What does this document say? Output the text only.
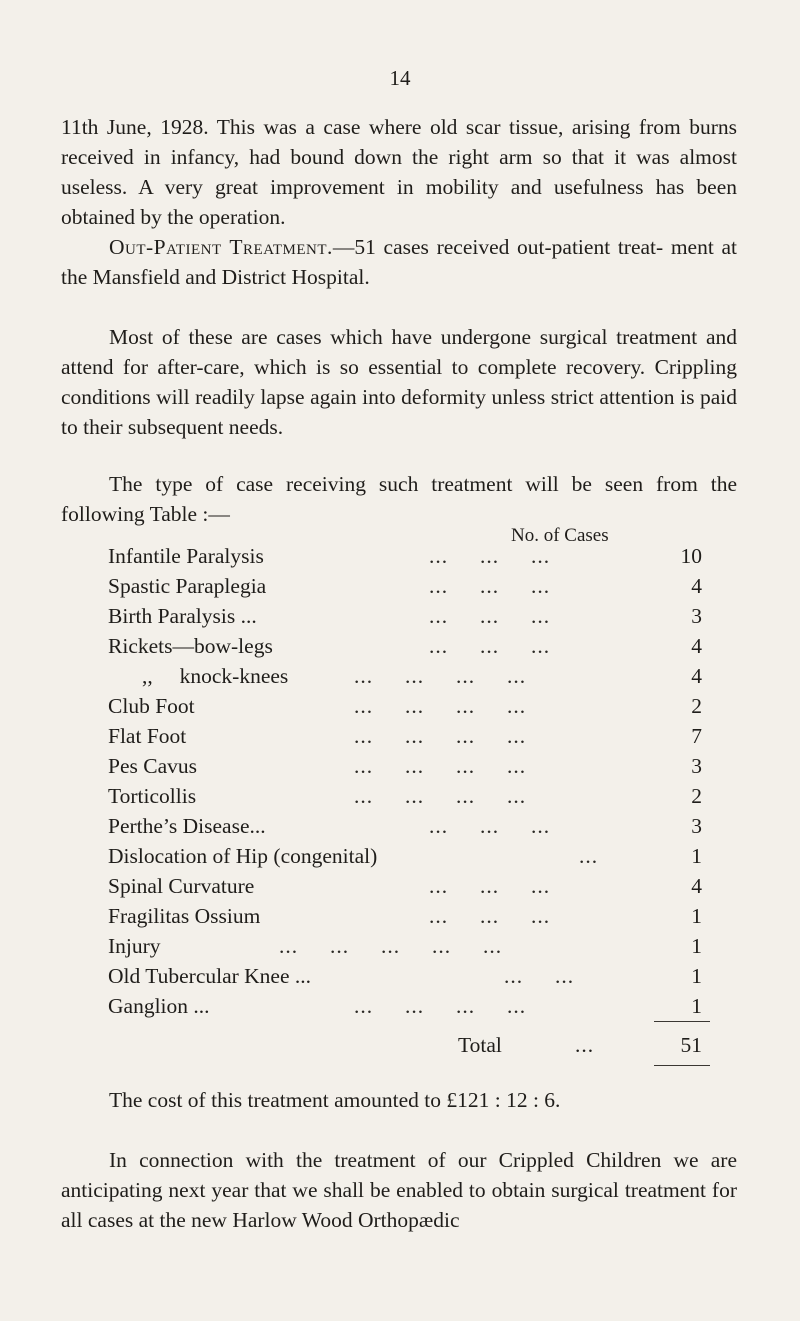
14

11th June, 1928. This was a case where old scar tissue, arising from burns received in infancy, had bound down the right arm so that it was almost useless. A very great improvement in mobility and usefulness has been obtained by the operation.

Out-Patient Treatment.—51 cases received out-patient treat- ment at the Mansfield and District Hospital.

Most of these are cases which have undergone surgical treatment and attend for after-care, which is so essential to complete recovery. Crippling conditions will readily lapse again into deformity unless strict attention is paid to their subsequent needs.

The type of case receiving such treatment will be seen from the following Table :—

No. of Cases
Infantile Paralysis	...     ...     ...	10
Spastic Paraplegia	...     ...     ...	4
Birth Paralysis ...	...     ...     ...	3
Rickets—bow-legs	...     ...     ...	4
,,     knock-knees	...     ...     ...     ...	4
Club Foot	...     ...     ...     ...	2
Flat Foot	...     ...     ...     ...	7
Pes Cavus	...     ...     ...     ...	3
Torticollis	...     ...     ...     ...	2
Perthe’s Disease...	...     ...     ...	3
Dislocation of Hip (congenital)	...	1
Spinal Curvature	...     ...     ...	4
Fragilitas Ossium	...     ...     ...	1
Injury	...     ...     ...     ...     ...	1
Old Tubercular Knee ...	...     ...	1
Ganglion ...	...     ...     ...     ...	1
Total	...	51

The cost of this treatment amounted to £121 : 12 : 6.

In connection with the treatment of our Crippled Children we are anticipating next year that we shall be enabled to obtain surgical treatment for all cases at the new Harlow Wood Orthopædic
